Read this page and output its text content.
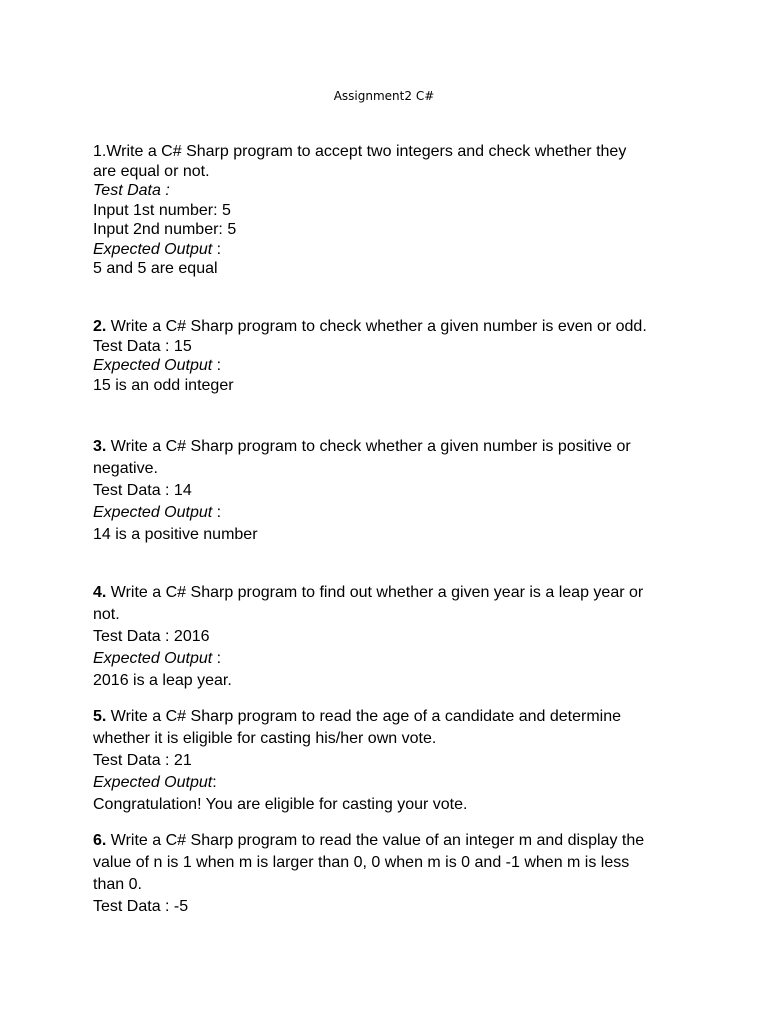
Assignment2 C#
1.Write a C# Sharp program to accept two integers and check whether they
are equal or not.
Test Data :
Input 1st number: 5
Input 2nd number: 5
Expected Output :
5 and 5 are equal
2. Write a C# Sharp program to check whether a given number is even or odd.
Test Data : 15
Expected Output :
15 is an odd integer
3. Write a C# Sharp program to check whether a given number is positive or
negative.
Test Data : 14
Expected Output :
14 is a positive number
4. Write a C# Sharp program to find out whether a given year is a leap year or
not.
Test Data : 2016
Expected Output :
2016 is a leap year.
5. Write a C# Sharp program to read the age of a candidate and determine
whether it is eligible for casting his/her own vote.
Test Data : 21
Expected Output:
Congratulation! You are eligible for casting your vote.
6. Write a C# Sharp program to read the value of an integer m and display the
value of n is 1 when m is larger than 0, 0 when m is 0 and -1 when m is less
than 0.
Test Data : -5
